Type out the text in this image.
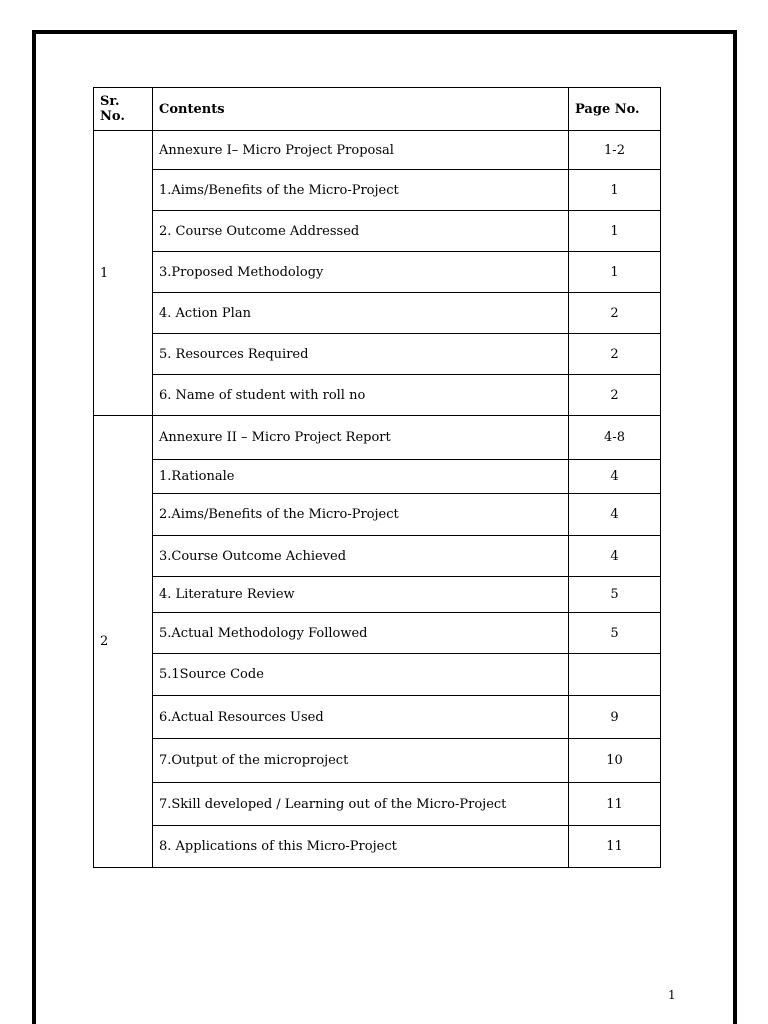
Sr. No.	Contents	Page No.
1	Annexure I– Micro Project Proposal	1-2
	1.Aims/Benefits of the Micro-Project	1
	2. Course Outcome Addressed	1
	3.Proposed Methodology	1
	4. Action Plan	2
	5. Resources Required	2
	6. Name of student with roll no	2
2	Annexure II – Micro Project Report	4-8
	1.Rationale	4
	2.Aims/Benefits of the Micro-Project	4
	3.Course Outcome Achieved	4
	4. Literature Review	5
	5.Actual Methodology Followed	5
	5.1Source Code	
	6.Actual Resources Used	9
	7.Output of the microproject	10
	7.Skill developed / Learning out of the Micro-Project	11
	8. Applications of this Micro-Project	11
1
